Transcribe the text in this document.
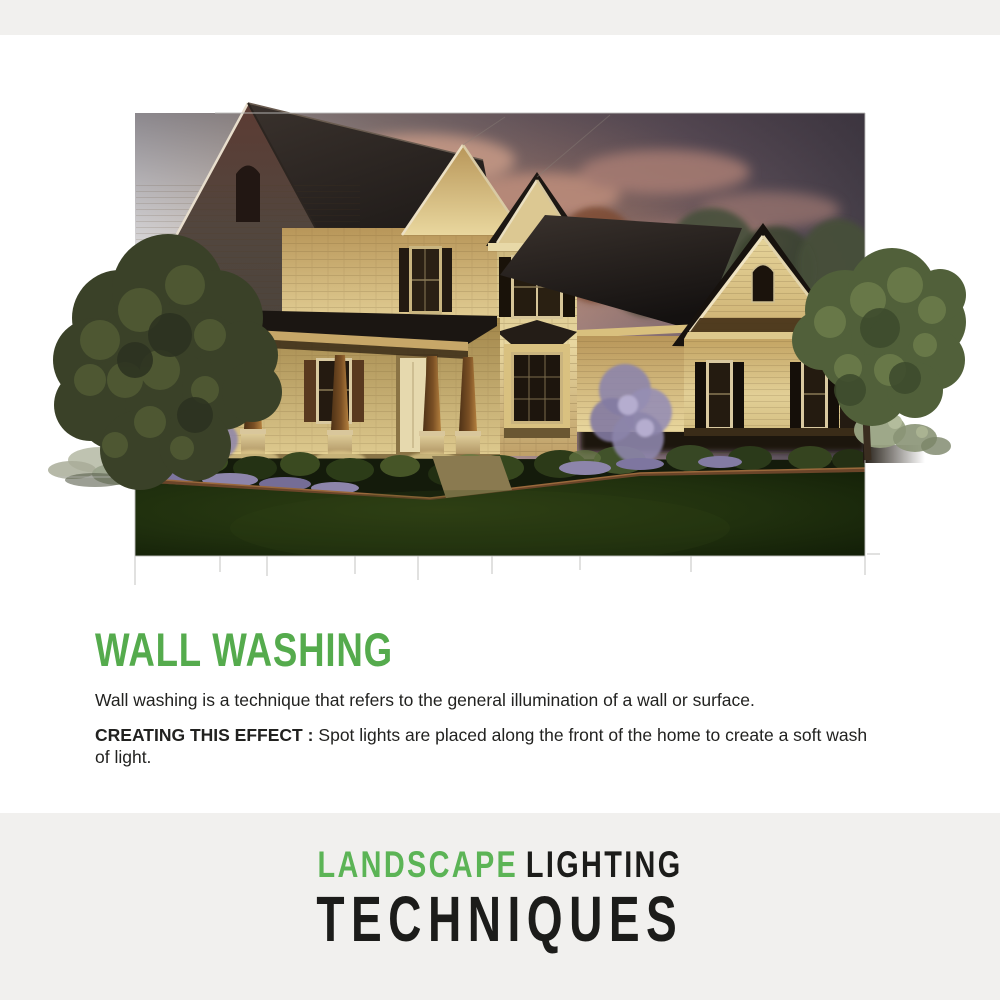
WALL WASHING
Wall washing is a technique that refers to the general illumination of a wall or surface.
CREATING THIS EFFECT : Spot lights are placed along the front of the home to create a soft wash of light.
LANDSCAPE LIGHTING
TECHNIQUES
